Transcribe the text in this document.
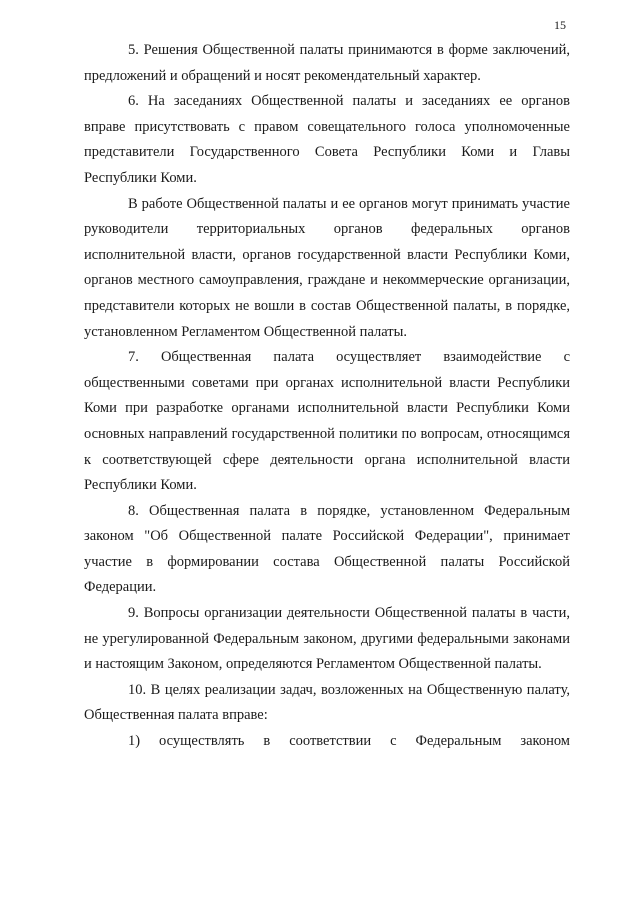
15

5. Решения Общественной палаты принимаются в форме заключений, предложений и обращений и носят рекомендательный характер.

6. На заседаниях Общественной палаты и заседаниях ее органов вправе присутствовать с правом совещательного голоса уполномоченные представители Государственного Совета Республики Коми и Главы Республики Коми.

В работе Общественной палаты и ее органов могут принимать участие руководители территориальных органов федеральных органов исполнительной власти, органов государственной власти Республики Коми, органов местного самоуправления, граждане и некоммерческие организации, представители которых не вошли в состав Общественной палаты, в порядке, установленном Регламентом Общественной палаты.

7. Общественная палата осуществляет взаимодействие с общественными советами при органах исполнительной власти Республики Коми при разработке органами исполнительной власти Республики Коми основных направлений государственной политики по вопросам, относящимся к соответствующей сфере деятельности органа исполнительной власти Республики Коми.

8. Общественная палата в порядке, установленном Федеральным законом "Об Общественной палате Российской Федерации", принимает участие в формировании состава Общественной палаты Российской Федерации.

9. Вопросы организации деятельности Общественной палаты в части, не урегулированной Федеральным законом, другими федеральными законами и настоящим Законом, определяются Регламентом Общественной палаты.

10. В целях реализации задач, возложенных на Общественную палату, Общественная палата вправе:

1) осуществлять в соответствии с Федеральным законом
